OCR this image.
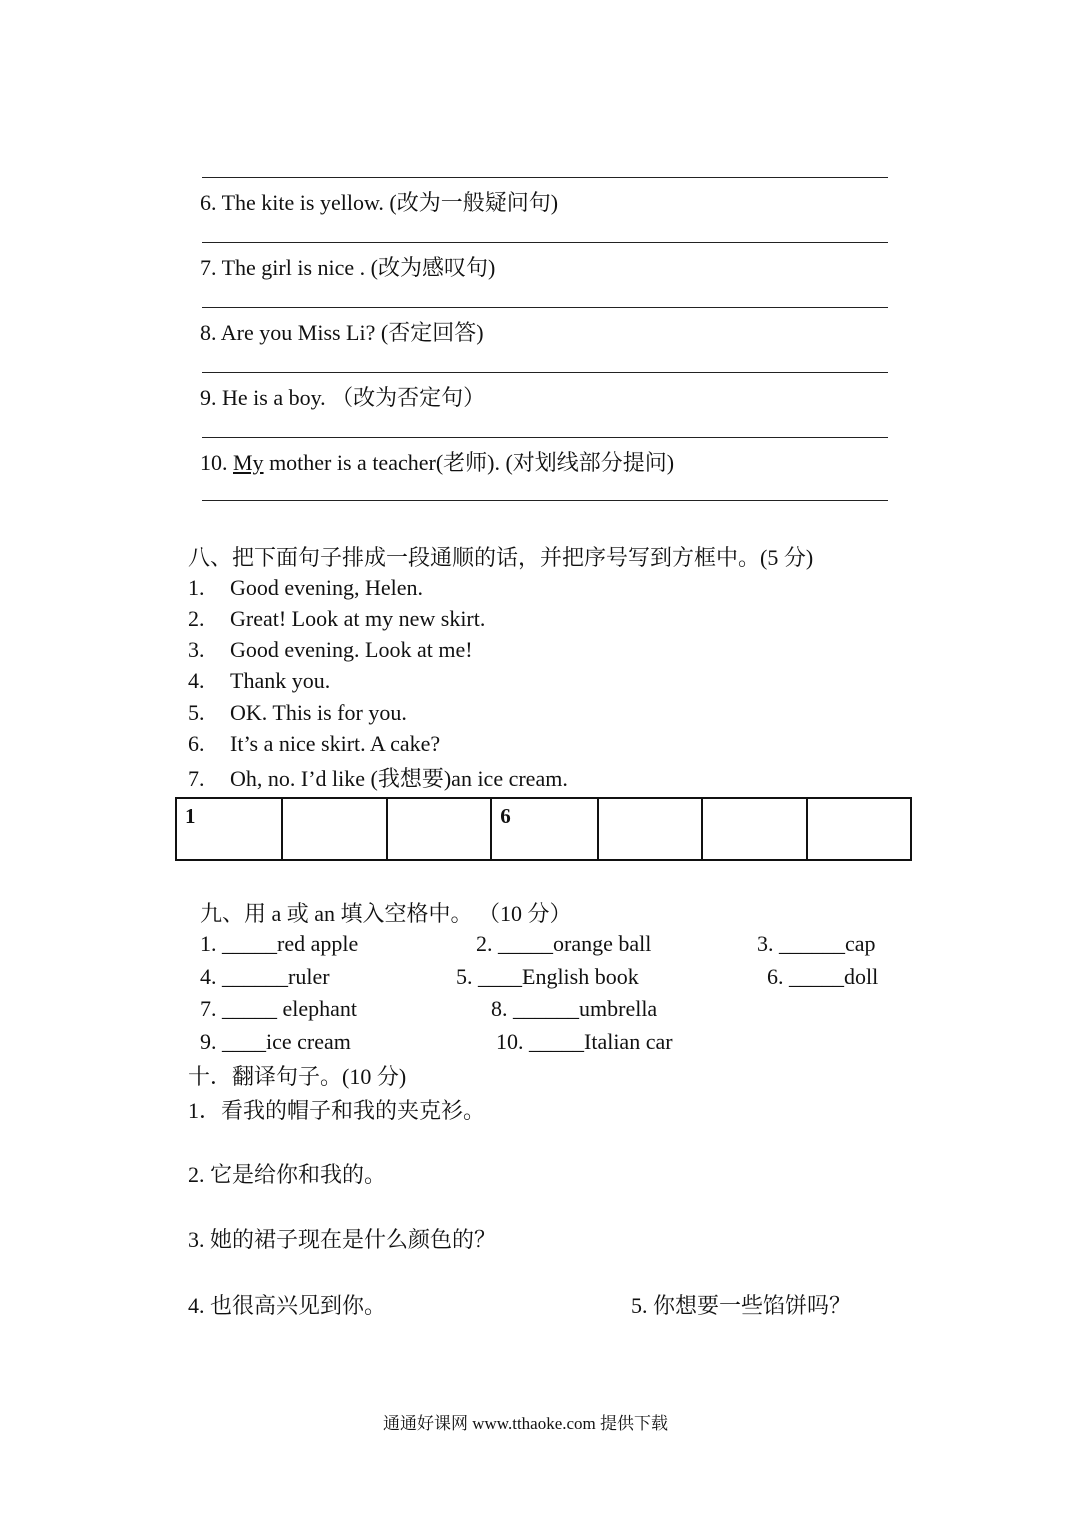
6. The kite is yellow. (改为一般疑问句)
7. The girl is nice . (改为感叹句)
8. Are you Miss Li? (否定回答)
9. He is a boy. （改为否定句）
10. My mother is a teacher(老师). (对划线部分提问)
八、把下面句子排成一段通顺的话，并把序号写到方框中。(5 分)
1. Good evening, Helen.
2. Great! Look at my new skirt.
3. Good evening. Look at me!
4. Thank you.
5. OK. This is for you.
6. It’s a nice skirt. A cake?
7. Oh, no. I’d like (我想要)an ice cream.
1			6			
九、用 a 或 an 填入空格中。 （10 分）
1. _____red apple	2. _____orange ball	3. ______cap
4. ______ruler	5. ____English book	6. _____doll
7. _____ elephant	8. ______umbrella
9. ____ice cream	10. _____Italian car
十．翻译句子。(10 分)
1．看我的帽子和我的夹克衫。
2. 它是给你和我的。
3. 她的裙子现在是什么颜色的？
4. 也很高兴见到你。	5. 你想要一些馅饼吗？
通通好课网 www.tthaoke.com 提供下载
